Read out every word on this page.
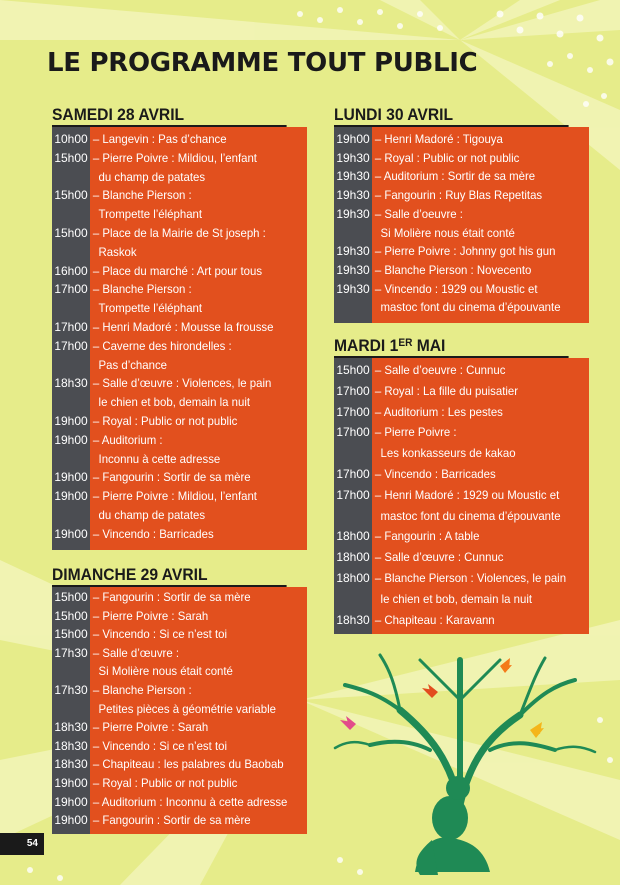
LE PROGRAMME TOUT PUBLIC
SAMEDI 28 AVRIL
10h00 – Langevin : Pas d’chance
15h00 – Pierre Poivre : Mildiou, l’enfant
du champ de patates
15h00 – Blanche Pierson :
Trompette l’éléphant
15h00 – Place de la Mairie de St joseph :
Raskok
16h00 – Place du marché : Art pour tous
17h00 – Blanche Pierson :
Trompette l’éléphant
17h00 – Henri Madoré : Mousse la frousse
17h00 – Caverne des hirondelles :
Pas d’chance
18h30 – Salle d’œuvre : Violences, le pain
le chien et bob, demain la nuit
19h00 – Royal : Public or not public
19h00 – Auditorium :
Inconnu à cette adresse
19h00 – Fangourin : Sortir de sa mère
19h00 – Pierre Poivre : Mildiou, l’enfant
du champ de patates
19h00 – Vincendo : Barricades
DIMANCHE 29 AVRIL
15h00 – Fangourin : Sortir de sa mère
15h00 – Pierre Poivre : Sarah
15h00 – Vincendo : Si ce n’est toi
17h30 – Salle d’œuvre :
Si Molière nous était conté
17h30 – Blanche Pierson :
Petites pièces à géométrie variable
18h30 – Pierre Poivre : Sarah
18h30 – Vincendo : Si ce n’est toi
18h30 – Chapiteau : les palabres du Baobab
19h00 – Royal : Public or not public
19h00 – Auditorium : Inconnu à cette adresse
19h00 – Fangourin : Sortir de sa mère
LUNDI 30 AVRIL
19h00 – Henri Madoré : Tigouya
19h30 – Royal : Public or not public
19h30 – Auditorium : Sortir de sa mère
19h30 – Fangourin : Ruy Blas Repetitas
19h30 – Salle d’oeuvre :
Si Molière nous était conté
19h30 – Pierre Poivre : Johnny got his gun
19h30 – Blanche Pierson : Novecento
19h30 – Vincendo : 1929 ou Moustic et
mastoc font du cinema d’épouvante
MARDI 1ER MAI
15h00 – Salle d’oeuvre : Cunnuc
17h00 – Royal : La fille du puisatier
17h00 – Auditorium : Les pestes
17h00 – Pierre Poivre :
Les konkasseurs de kakao
17h00 – Vincendo : Barricades
17h00 – Henri Madoré : 1929 ou Moustic et
mastoc font du cinema d’épouvante
18h00 – Fangourin : A table
18h00 – Salle d’œuvre : Cunnuc
18h00 – Blanche Pierson : Violences, le pain
le chien et bob, demain la nuit
18h30 – Chapiteau : Karavann
54
